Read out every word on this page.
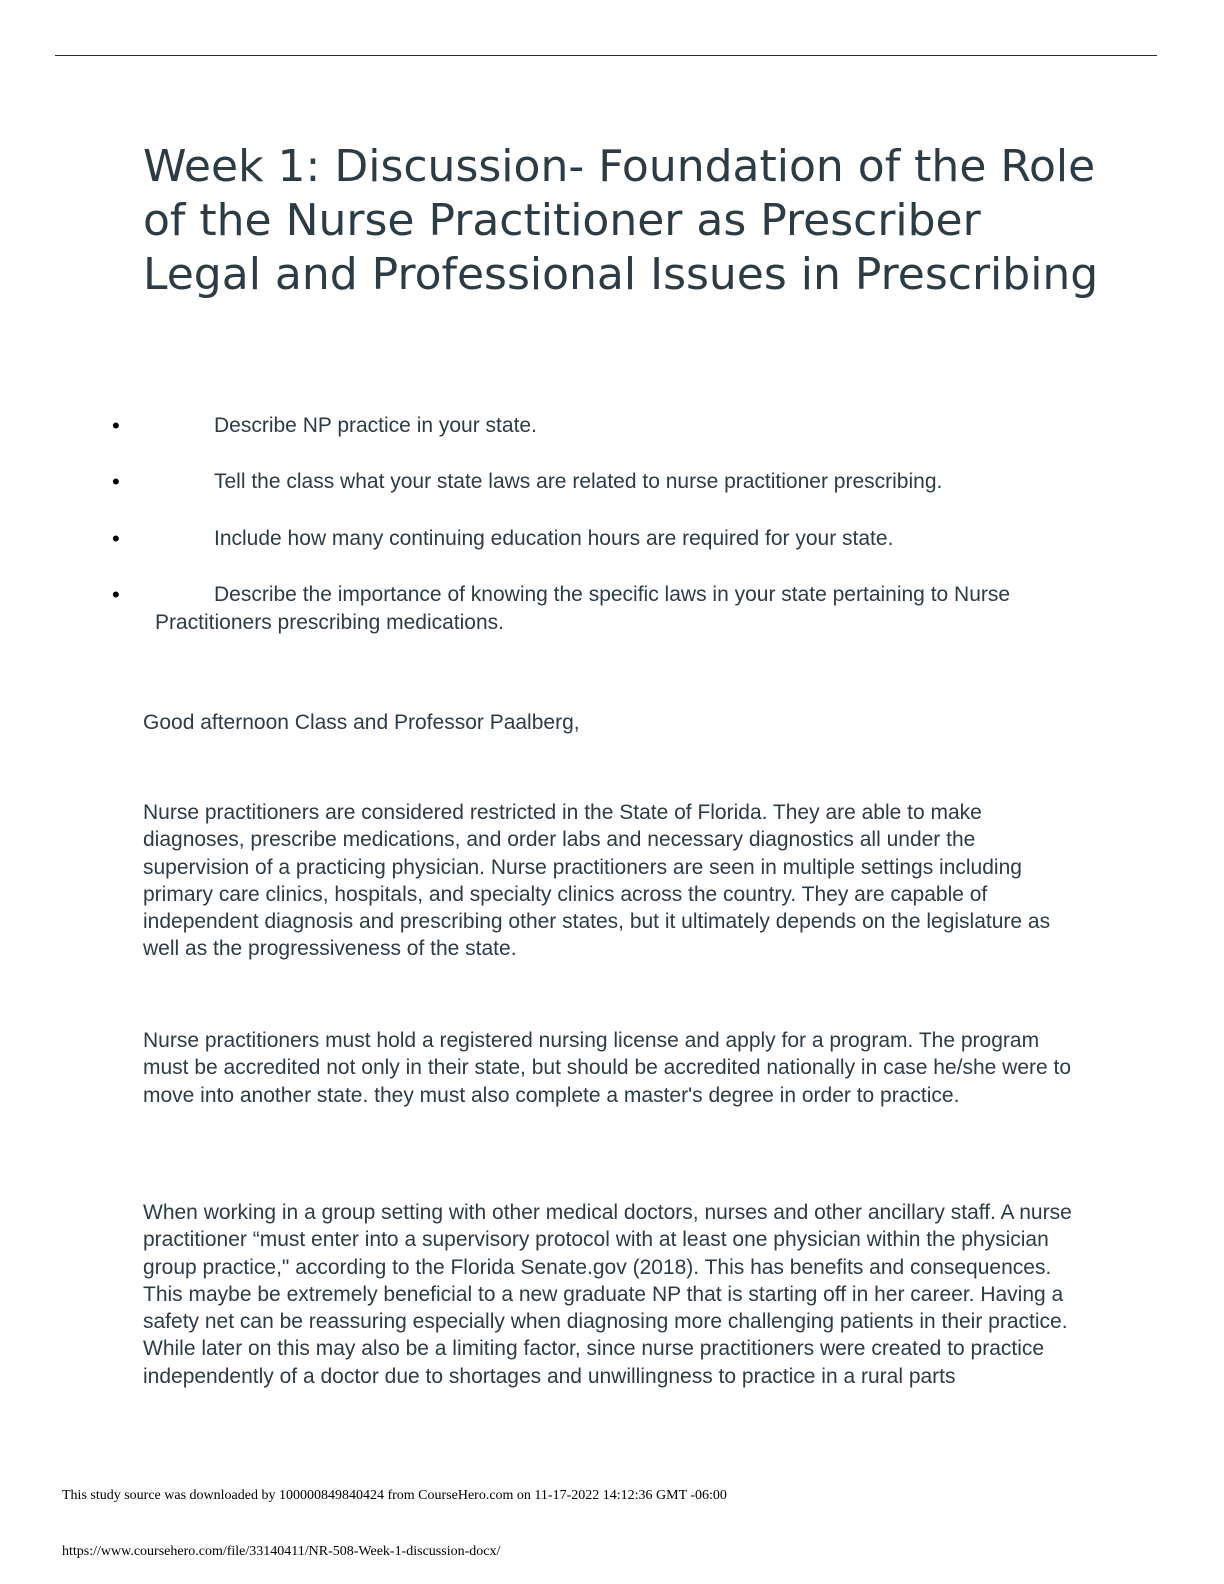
Week 1: Discussion- Foundation of the Role of the Nurse Practitioner as Prescriber Legal and Professional Issues in Prescribing
•	Describe NP practice in your state.
•	Tell the class what your state laws are related to nurse practitioner prescribing.
•	Include how many continuing education hours are required for your state.
•	Describe the importance of knowing the specific laws in your state pertaining to Nurse Practitioners prescribing medications.

Good afternoon Class and Professor Paalberg,

Nurse practitioners are considered restricted in the State of Florida. They are able to make diagnoses, prescribe medications, and order labs and necessary diagnostics all under the supervision of a practicing physician. Nurse practitioners are seen in multiple settings including primary care clinics, hospitals, and specialty clinics across the country. They are capable of independent diagnosis and prescribing other states, but it ultimately depends on the legislature as well as the progressiveness of the state.

Nurse practitioners must hold a registered nursing license and apply for a program. The program must be accredited not only in their state, but should be accredited nationally in case he/she were to move into another state. they must also complete a master's degree in order to practice.

When working in a group setting with other medical doctors, nurses and other ancillary staff. A nurse practitioner “must enter into a supervisory protocol with at least one physician within the physician group practice," according to the Florida Senate.gov (2018). This has benefits and consequences. This maybe be extremely beneficial to a new graduate NP that is starting off in her career. Having a safety net can be reassuring especially when diagnosing more challenging patients in their practice. While later on this may also be a limiting factor, since nurse practitioners were created to practice independently of a doctor due to shortages and unwillingness to practice in a rural parts

This study source was downloaded by 100000849840424 from CourseHero.com on 11-17-2022 14:12:36 GMT -06:00

https://www.coursehero.com/file/33140411/NR-508-Week-1-discussion-docx/
